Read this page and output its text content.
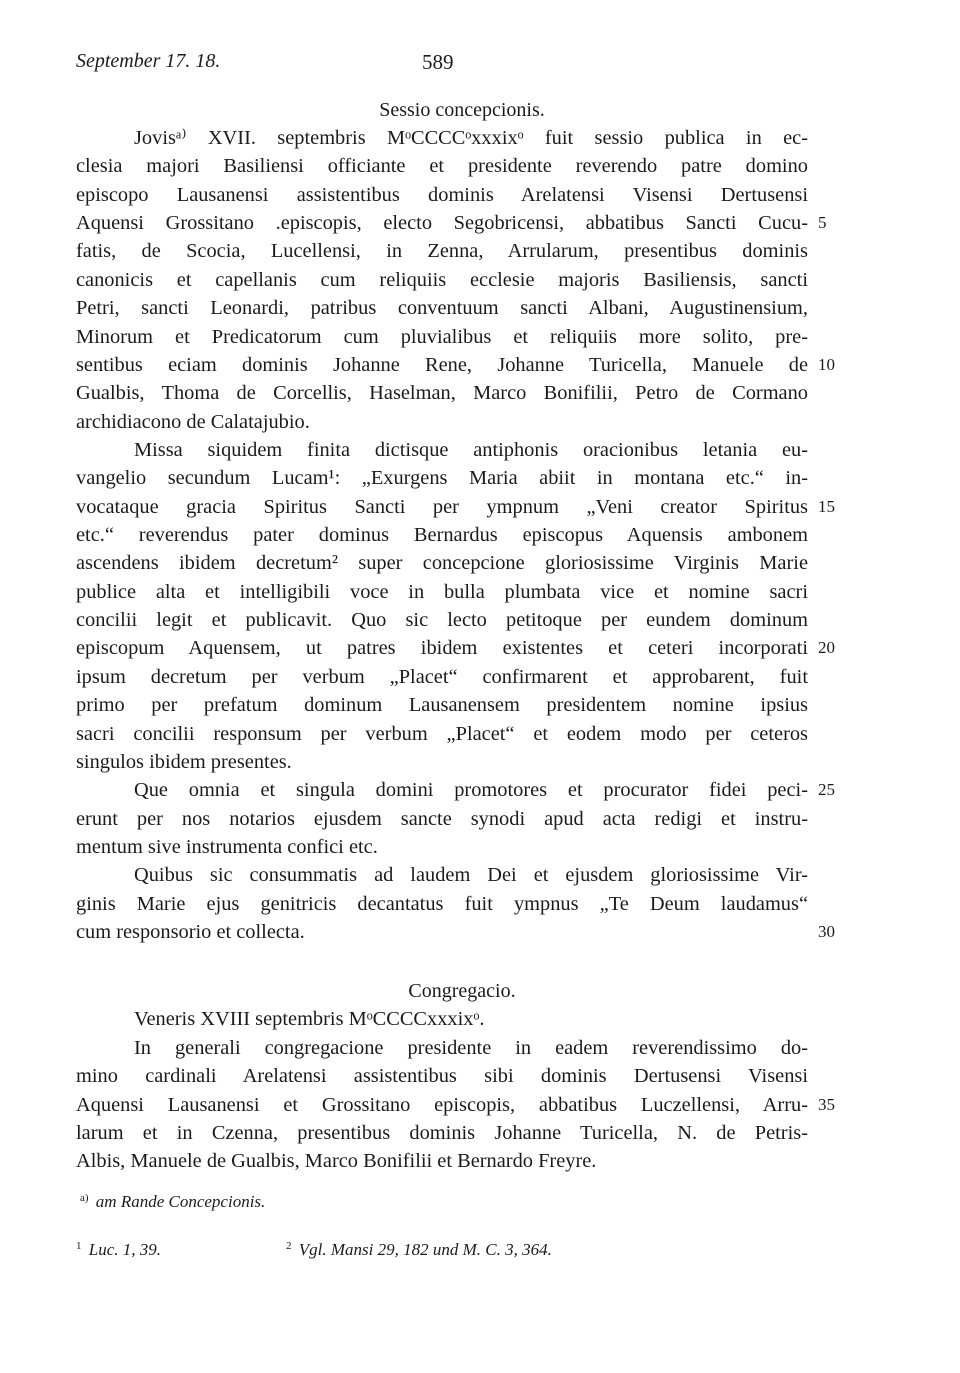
September 17. 18.	589
Sessio concepcionis.
Jovisᵃ⁾ XVII. septembris MᵒCCCCᵒxxxixᵒ fuit sessio publica in ec-
clesia majori Basiliensi officiante et presidente reverendo patre domino
episcopo Lausanensi assistentibus dominis Arelatensi Visensi Dertusensi
Aquensi Grossitano .episcopis, electo Segobricensi, abbatibus Sancti Cucu- 5
fatis, de Scocia, Lucellensi, in Zenna, Arrularum, presentibus dominis
canonicis et capellanis cum reliquiis ecclesie majoris Basiliensis, sancti
Petri, sancti Leonardi, patribus conventuum sancti Albani, Augustinensium,
Minorum et Predicatorum cum pluvialibus et reliquiis more solito, pre-
sentibus eciam dominis Johanne Rene, Johanne Turicella, Manuele de 10
Gualbis, Thoma de Corcellis, Haselman, Marco Bonifilii, Petro de Cormano
archidiacono de Calatajubio.
Missa siquidem finita dictisque antiphonis oracionibus letania eu-
vangelio secundum Lucam¹: „Exurgens Maria abiit in montana etc.“ in-
vocataque gracia Spiritus Sancti per ympnum „Veni creator Spiritus 15
etc.“ reverendus pater dominus Bernardus episcopus Aquensis ambonem
ascendens ibidem decretum² super concepcione gloriosissime Virginis Marie
publice alta et intelligibili voce in bulla plumbata vice et nomine sacri
concilii legit et publicavit. Quo sic lecto petitoque per eundem dominum
episcopum Aquensem, ut patres ibidem existentes et ceteri incorporati 20
ipsum decretum per verbum „Placet“ confirmarent et approbarent, fuit
primo per prefatum dominum Lausanensem presidentem nomine ipsius
sacri concilii responsum per verbum „Placet“ et eodem modo per ceteros
singulos ibidem presentes.
Que omnia et singula domini promotores et procurator fidei peci- 25
erunt per nos notarios ejusdem sancte synodi apud acta redigi et instru-
mentum sive instrumenta confici etc.
Quibus sic consummatis ad laudem Dei et ejusdem gloriosissime Vir-
ginis Marie ejus genitricis decantatus fuit ympnus „Te Deum laudamus“
cum responsorio et collecta.	30
Congregacio.
Veneris XVIII septembris MᵒCCCCxxxixᵒ.
In generali congregacione presidente in eadem reverendissimo do-
mino cardinali Arelatensi assistentibus sibi dominis Dertusensi Visensi
Aquensi Lausanensi et Grossitano episcopis, abbatibus Luczellensi, Arru- 35
larum et in Czenna, presentibus dominis Johanne Turicella, N. de Petris-
Albis, Manuele de Gualbis, Marco Bonifilii et Bernardo Freyre.
$^{a)}$ am Rande Concepcionis.
$^1$ Luc. 1, 39.	$^2$ Vgl. Mansi 29, 182 und M. C. 3, 364.
